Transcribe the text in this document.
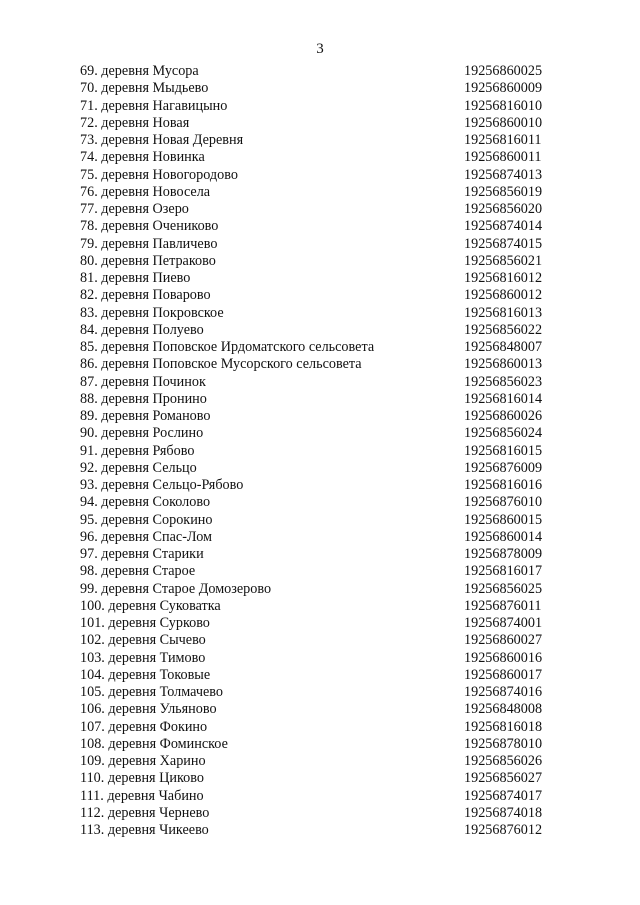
3
69. деревня Мусора	19256860025
70. деревня Мыдьево	19256860009
71. деревня Нагавицыно	19256816010
72. деревня Новая	19256860010
73. деревня Новая Деревня	19256816011
74. деревня Новинка	19256860011
75. деревня Новогородово	19256874013
76. деревня Новосела	19256856019
77. деревня Озеро	19256856020
78. деревня Очениково	19256874014
79. деревня Павличево	19256874015
80. деревня Петраково	19256856021
81. деревня Пиево	19256816012
82. деревня Поварово	19256860012
83. деревня Покровское	19256816013
84. деревня Полуево	19256856022
85. деревня Поповское Ирдоматского сельсовета	19256848007
86. деревня Поповское Мусорского сельсовета	19256860013
87. деревня Починок	19256856023
88. деревня Пронино	19256816014
89. деревня Романово	19256860026
90. деревня Рослино	19256856024
91. деревня Рябово	19256816015
92. деревня Сельцо	19256876009
93. деревня Сельцо-Рябово	19256816016
94. деревня Соколово	19256876010
95. деревня Сорокино	19256860015
96. деревня Спас-Лом	19256860014
97. деревня Старики	19256878009
98. деревня Старое	19256816017
99. деревня Старое Домозерово	19256856025
100. деревня Суковатка	19256876011
101. деревня Сурково	19256874001
102. деревня Сычево	19256860027
103. деревня Тимово	19256860016
104. деревня Токовые	19256860017
105. деревня Толмачево	19256874016
106. деревня Ульяново	19256848008
107. деревня Фокино	19256816018
108. деревня Фоминское	19256878010
109. деревня Харино	19256856026
110. деревня Циково	19256856027
111. деревня Чабино	19256874017
112. деревня Чернево	19256874018
113. деревня Чикеево	19256876012
